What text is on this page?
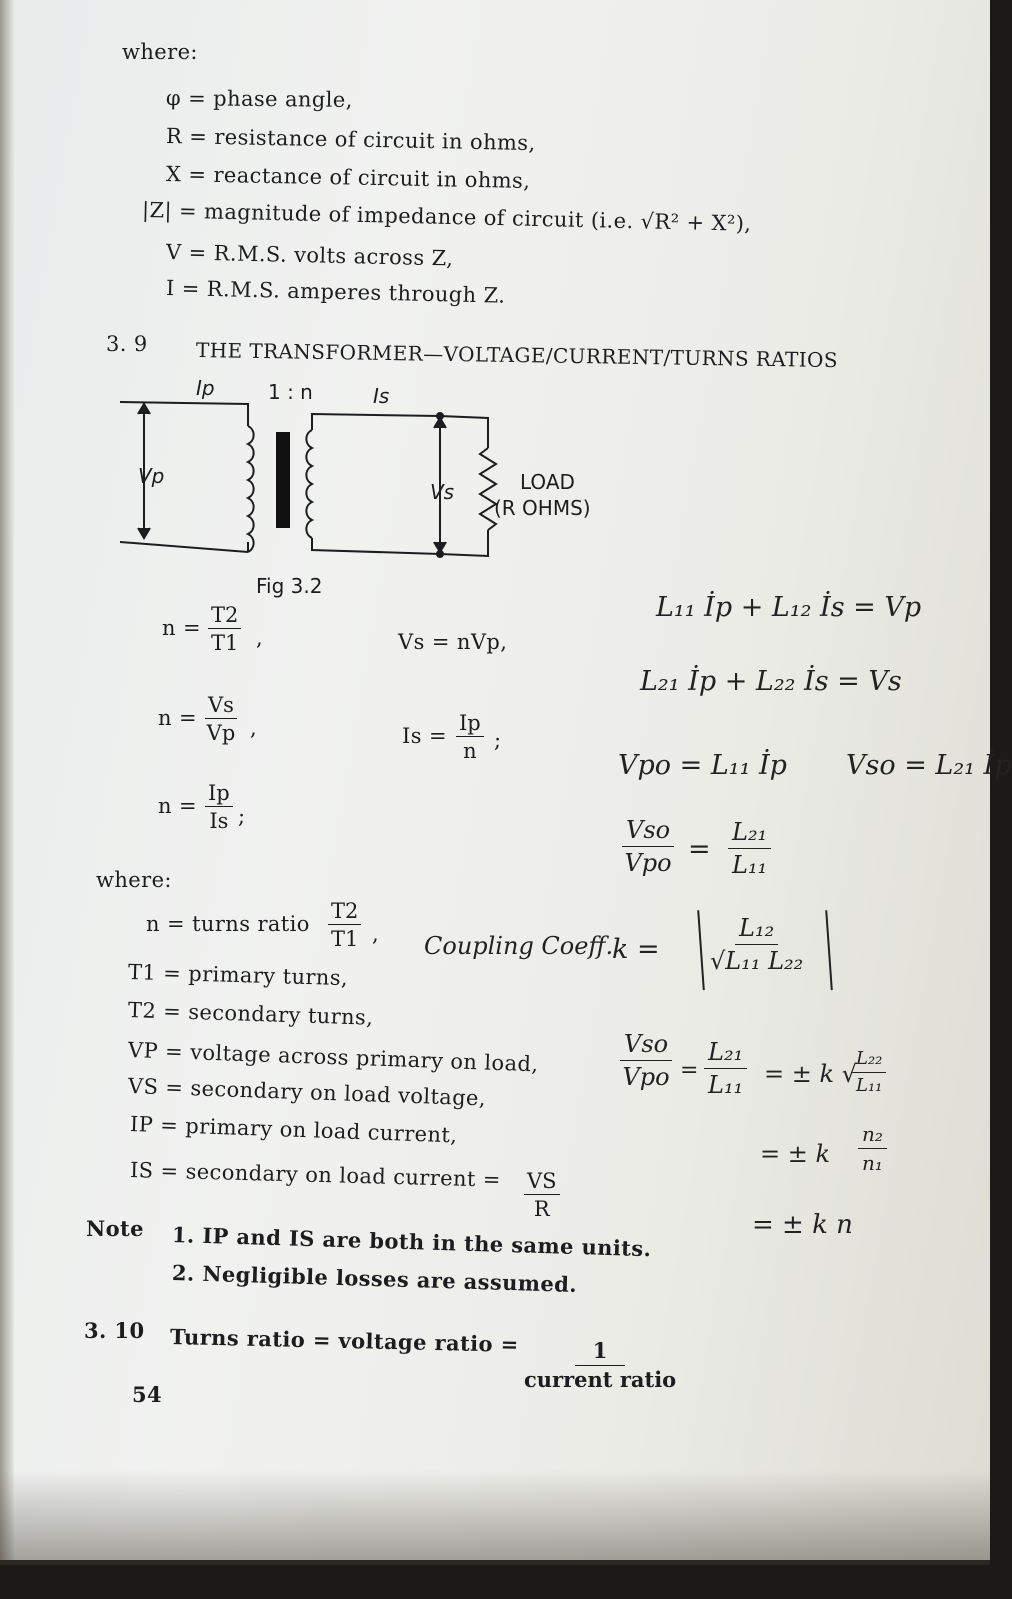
where:
φ = phase angle,
R = resistance of circuit in ohms,
X = reactance of circuit in ohms,
|Z| = magnitude of impedance of circuit (i.e. √R² + X²),
V = R.M.S. volts across Z,
I = R.M.S. amperes through Z.
3. 9 THE TRANSFORMER—VOLTAGE/CURRENT/TURNS RATIOS
Ip	1 : n	Is
Vp
Vs	LOAD
(R OHMS)
Fig 3.2
$n = \frac{T2}{T1}$ ,	Vs = nVp,
$n = \frac{Vs}{Vp}$ ,	$Is = \frac{Ip}{n}$ ;
$n = \frac{Ip}{Is}$ ;
where:
n = turns ratio $\frac{T2}{T1}$ ,
T1 = primary turns,
T2 = secondary turns,
VP = voltage across primary on load,
VS = secondary on load voltage,
IP = primary on load current,
IS = secondary on load current = $\frac{VS}{R}$
Note 1. IP and IS are both in the same units.
2. Negligible losses are assumed.
3. 10 Turns ratio = voltage ratio =	1
current ratio
54
L₁₁ İp + L₁₂ İs = Vp
L₂₁ İp + L₂₂ İs = Vs
Vpo = L₁₁ İp Vso = L₂₁ İp
Vso
Vpo = $\frac{\text{L₂₁}}{\text{L₁₁}}$
Coupling Coeff.
$k = \frac{\text{L₁₂}}{\text{√L₁₁ L₂₂}}$
Vso
Vpo = $\frac{\text{L₂₁}}{\text{L₁₁}}$ = ± k √
$\frac{\text{L₂₂}}{\text{L₁₁}}$
= ± k $\frac{\text{n₂}}{\text{n₁}}$
= ± k n
